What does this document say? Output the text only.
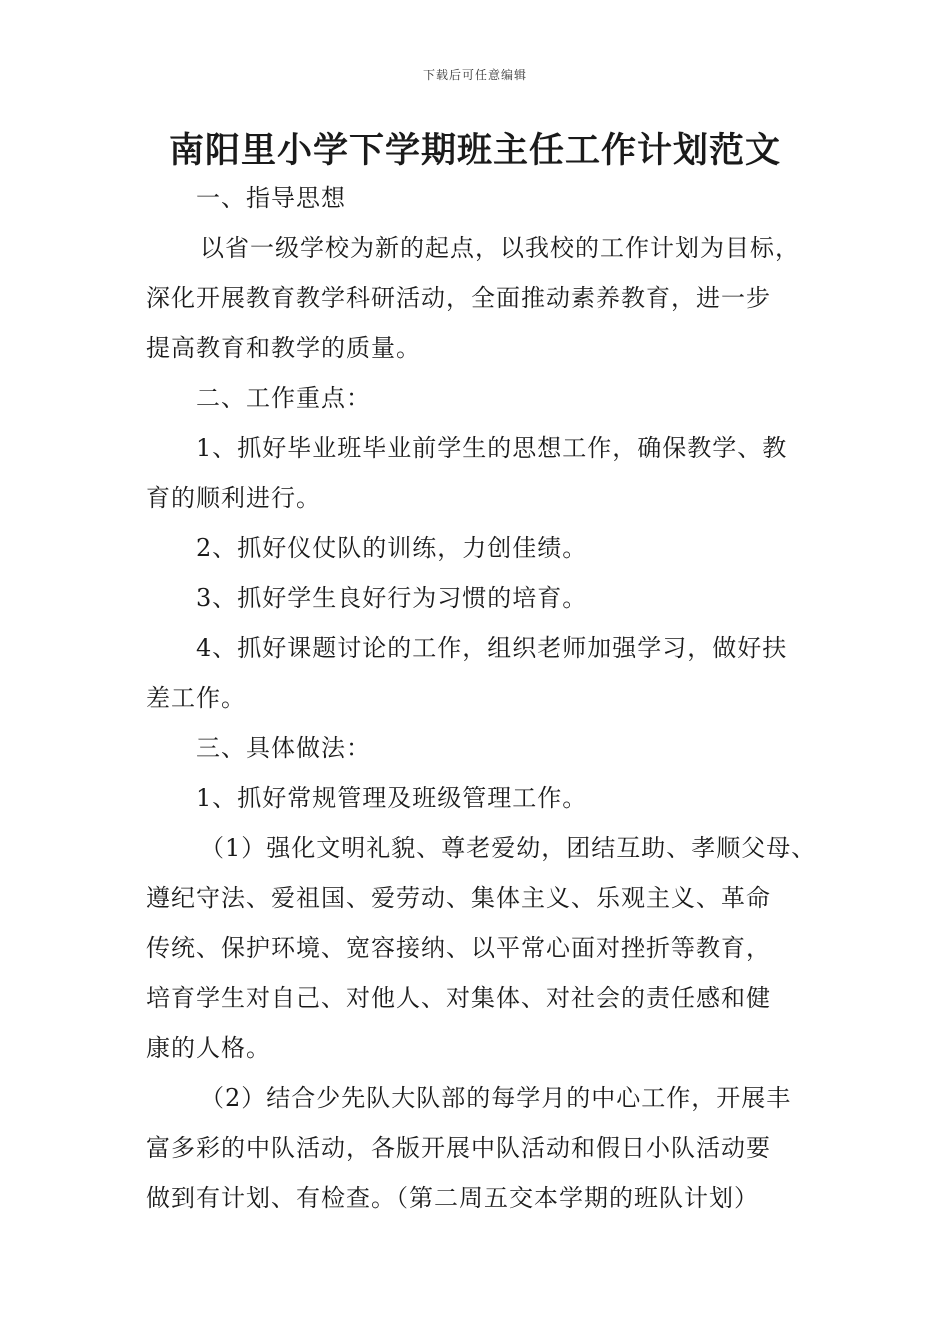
下载后可任意编辑
南阳里小学下学期班主任工作计划范文
一、指导思想
以省一级学校为新的起点，以我校的工作计划为目标，
深化开展教育教学科研活动，全面推动素养教育，进一步
提高教育和教学的质量。
二、工作重点：
1、抓好毕业班毕业前学生的思想工作，确保教学、教
育的顺利进行。
2、抓好仪仗队的训练，力创佳绩。
3、抓好学生良好行为习惯的培育。
4、抓好课题讨论的工作，组织老师加强学习，做好扶
差工作。
三、具体做法：
1、抓好常规管理及班级管理工作。
（1）强化文明礼貌、尊老爱幼，团结互助、孝顺父母、
遵纪守法、爱祖国、爱劳动、集体主义、乐观主义、革命
传统、保护环境、宽容接纳、以平常心面对挫折等教育，
培育学生对自己、对他人、对集体、对社会的责任感和健
康的人格。
（2）结合少先队大队部的每学月的中心工作，开展丰
富多彩的中队活动，各版开展中队活动和假日小队活动要
做到有计划、有检查。（第二周五交本学期的班队计划）
